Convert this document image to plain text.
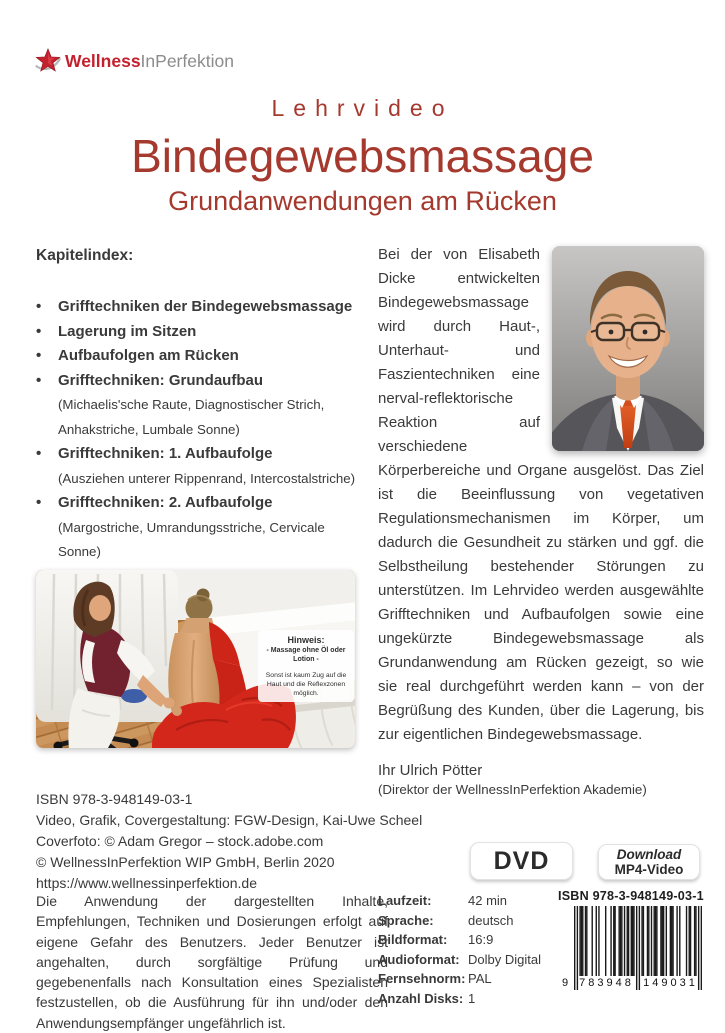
Wellness InPerfektion
Lehrvideo
Bindegewebsmassage
Grundanwendungen am Rücken
Kapitelindex:
•	Grifftechniken der Bindegewebsmassage
•	Lagerung im Sitzen
•	Aufbaufolgen am Rücken
•	Grifftechniken: Grundaufbau
(Michaelis'sche Raute, Diagnostischer Strich, Anhakstriche, Lumbale Sonne)
•	Grifftechniken: 1. Aufbaufolge
(Ausziehen unterer Rippenrand, Intercostalstriche)
•	Grifftechniken: 2. Aufbaufolge
(Margostriche, Umrandungsstriche, Cervicale Sonne)

Bei der von Elisabeth Dicke entwickelten Bindegewebsmassage wird durch Haut-, Unterhaut- und Faszientechniken eine nerval-reflektorische Reaktion auf verschiedene Körperbereiche und Organe ausgelöst. Das Ziel ist die Beeinflussung von vegetativen Regulationsmechanismen im Körper, um dadurch die Gesundheit zu stärken und ggf. die Selbstheilung bestehender Störungen zu unterstützen. Im Lehrvideo werden ausgewählte Grifftechniken und Aufbaufolgen sowie eine ungekürzte Bindegewebsmassage als Grundanwendung am Rücken gezeigt, so wie sie real durchgeführt werden kann – von der Begrüßung des Kunden, über die Lagerung, bis zur eigentlichen Bindegewebsmassage.

Ihr Ulrich Pötter
(Direktor der WellnessInPerfektion Akademie)
Hinweis:
- Massage ohne Öl oder Lotion -
Sonst ist kaum Zug auf die Haut und die Reflexzonen möglich.
ISBN 978-3-948149-03-1
Video, Grafik, Covergestaltung: FGW-Design, Kai-Uwe Scheel
Coverfoto: © Adam Gregor – stock.adobe.com
© WellnessInPerfektion WIP GmbH, Berlin 2020
https://www.wellnessinperfektion.de
Die Anwendung der dargestellten Inhalte, Empfehlungen, Techniken und Dosierungen erfolgt auf eigene Gefahr des Benutzers. Jeder Benutzer ist angehalten, durch sorgfältige Prüfung und gegebenenfalls nach Konsultation eines Spezialisten festzustellen, ob die Ausführung für ihn und/oder den Anwendungsempfänger ungefährlich ist.
DVD	Download
MP4-Video
Laufzeit:	42 min
Sprache:	deutsch
Bildformat:	16:9
Audioformat: Dolby Digital
Fernsehnorm: PAL
Anzahl Disks: 1
ISBN 978-3-948149-03-1
9 783948 149031
